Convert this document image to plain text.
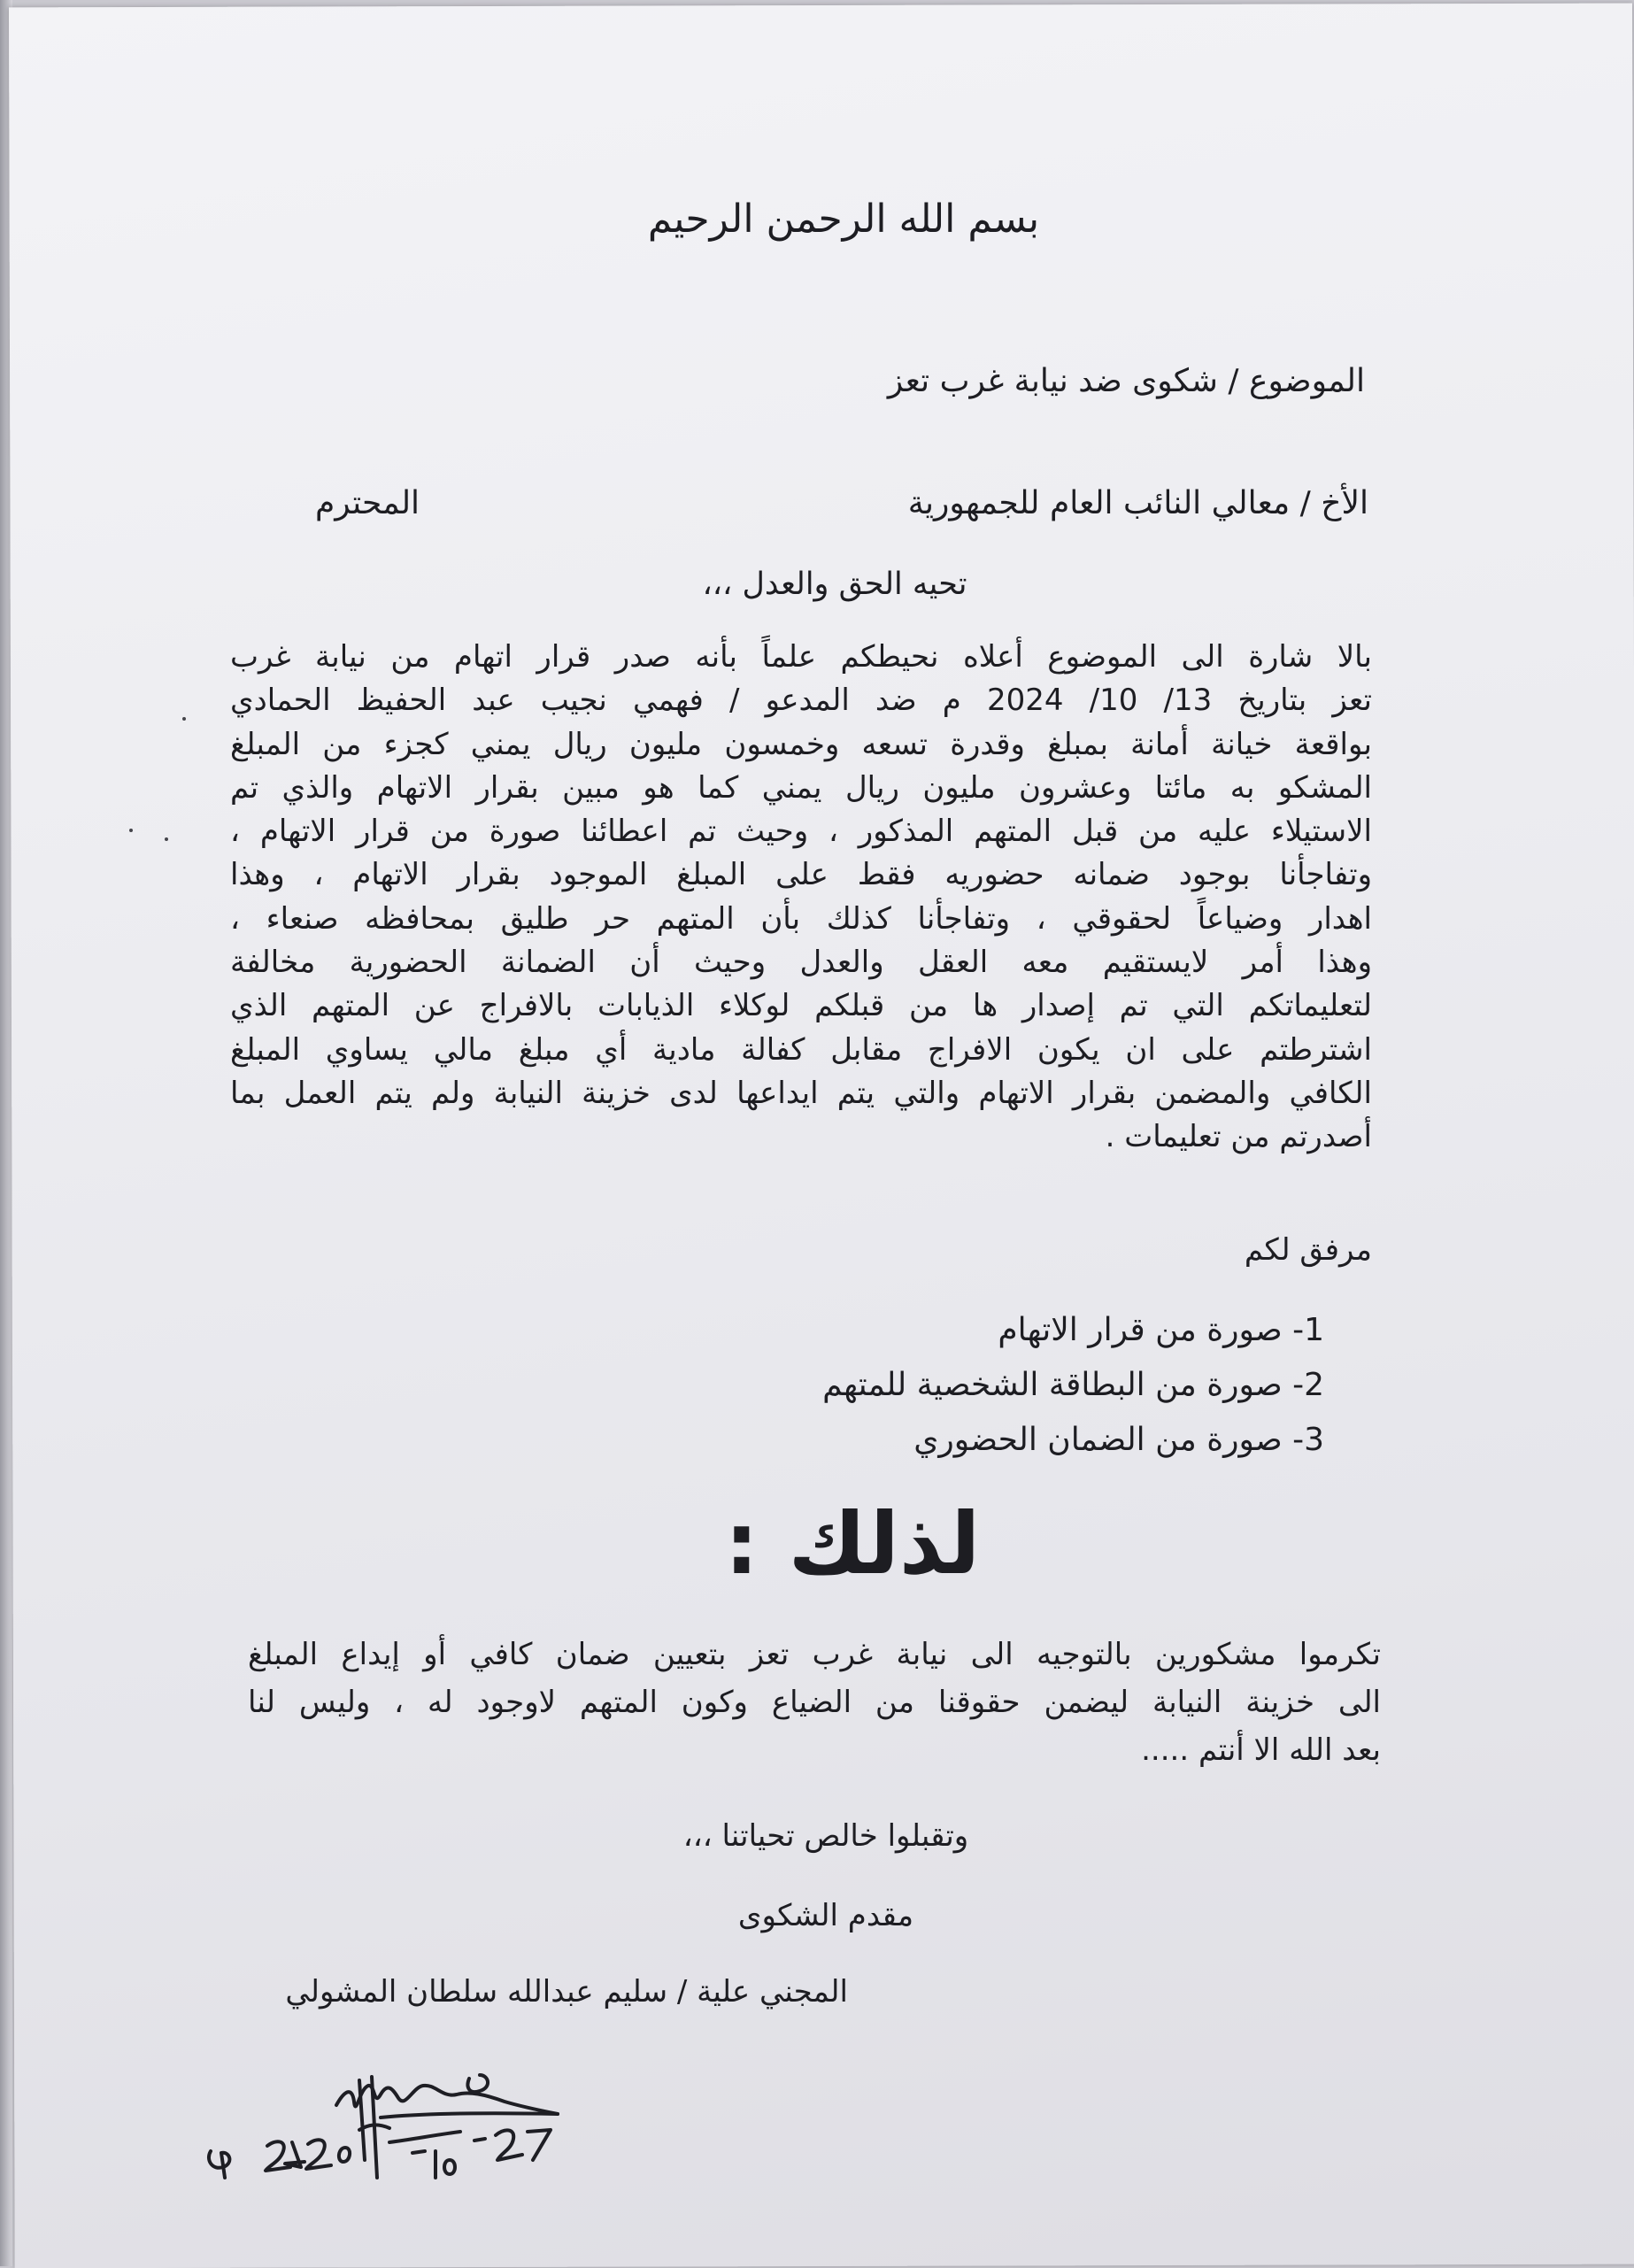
بسم الله الرحمن الرحيم
الموضوع / شكوى ضد نيابة غرب تعز
الأخ / معالي النائب العام للجمهورية
المحترم
تحيه الحق والعدل ،،،
بالا شارة الى الموضوع أعلاه نحيطكم علماً بأنه صدر قرار اتهام من نيابة غرب
تعز بتاريخ 13/ 10/ 2024 م ضد المدعو / فهمي نجيب عبد الحفيظ الحمادي
بواقعة خيانة أمانة بمبلغ وقدرة تسعه وخمسون مليون ريال يمني كجزء من المبلغ
المشكو به مائتا وعشرون مليون ريال يمني كما هو مبين بقرار الاتهام والذي تم
الاستيلاء عليه من قبل المتهم المذكور ، وحيث تم اعطائنا صورة من قرار الاتهام ،
وتفاجأنا بوجود ضمانه حضوريه فقط على المبلغ الموجود بقرار الاتهام ، وهذا
اهدار وضياعاً لحقوقي ، وتفاجأنا كذلك بأن المتهم حر طليق بمحافظه صنعاء ،
وهذا أمر لايستقيم معه العقل والعدل وحيث أن الضمانة الحضورية مخالفة
لتعليماتكم التي تم إصدار ها من قبلكم لوكلاء الذيابات بالافراج عن المتهم الذي
اشترطتم على ان يكون الافراج مقابل كفالة مادية أي مبلغ مالي يساوي المبلغ
الكافي والمضمن بقرار الاتهام والتي يتم ايداعها لدى خزينة النيابة ولم يتم العمل بما
أصدرتم من تعليمات .
مرفق لكم
1- صورة من قرار الاتهام
2- صورة من البطاقة الشخصية للمتهم
3- صورة من الضمان الحضوري
لذلك :
تكرموا مشكورين بالتوجيه الى نيابة غرب تعز بتعيين ضمان كافي أو إيداع المبلغ
الى خزينة النيابة ليضمن حقوقنا من الضياع وكون المتهم لاوجود له ، وليس لنا
بعد الله الا أنتم .....
وتقبلوا خالص تحياتنا ،،،
مقدم الشكوى
المجني علية / سليم عبدالله سلطان المشولي
